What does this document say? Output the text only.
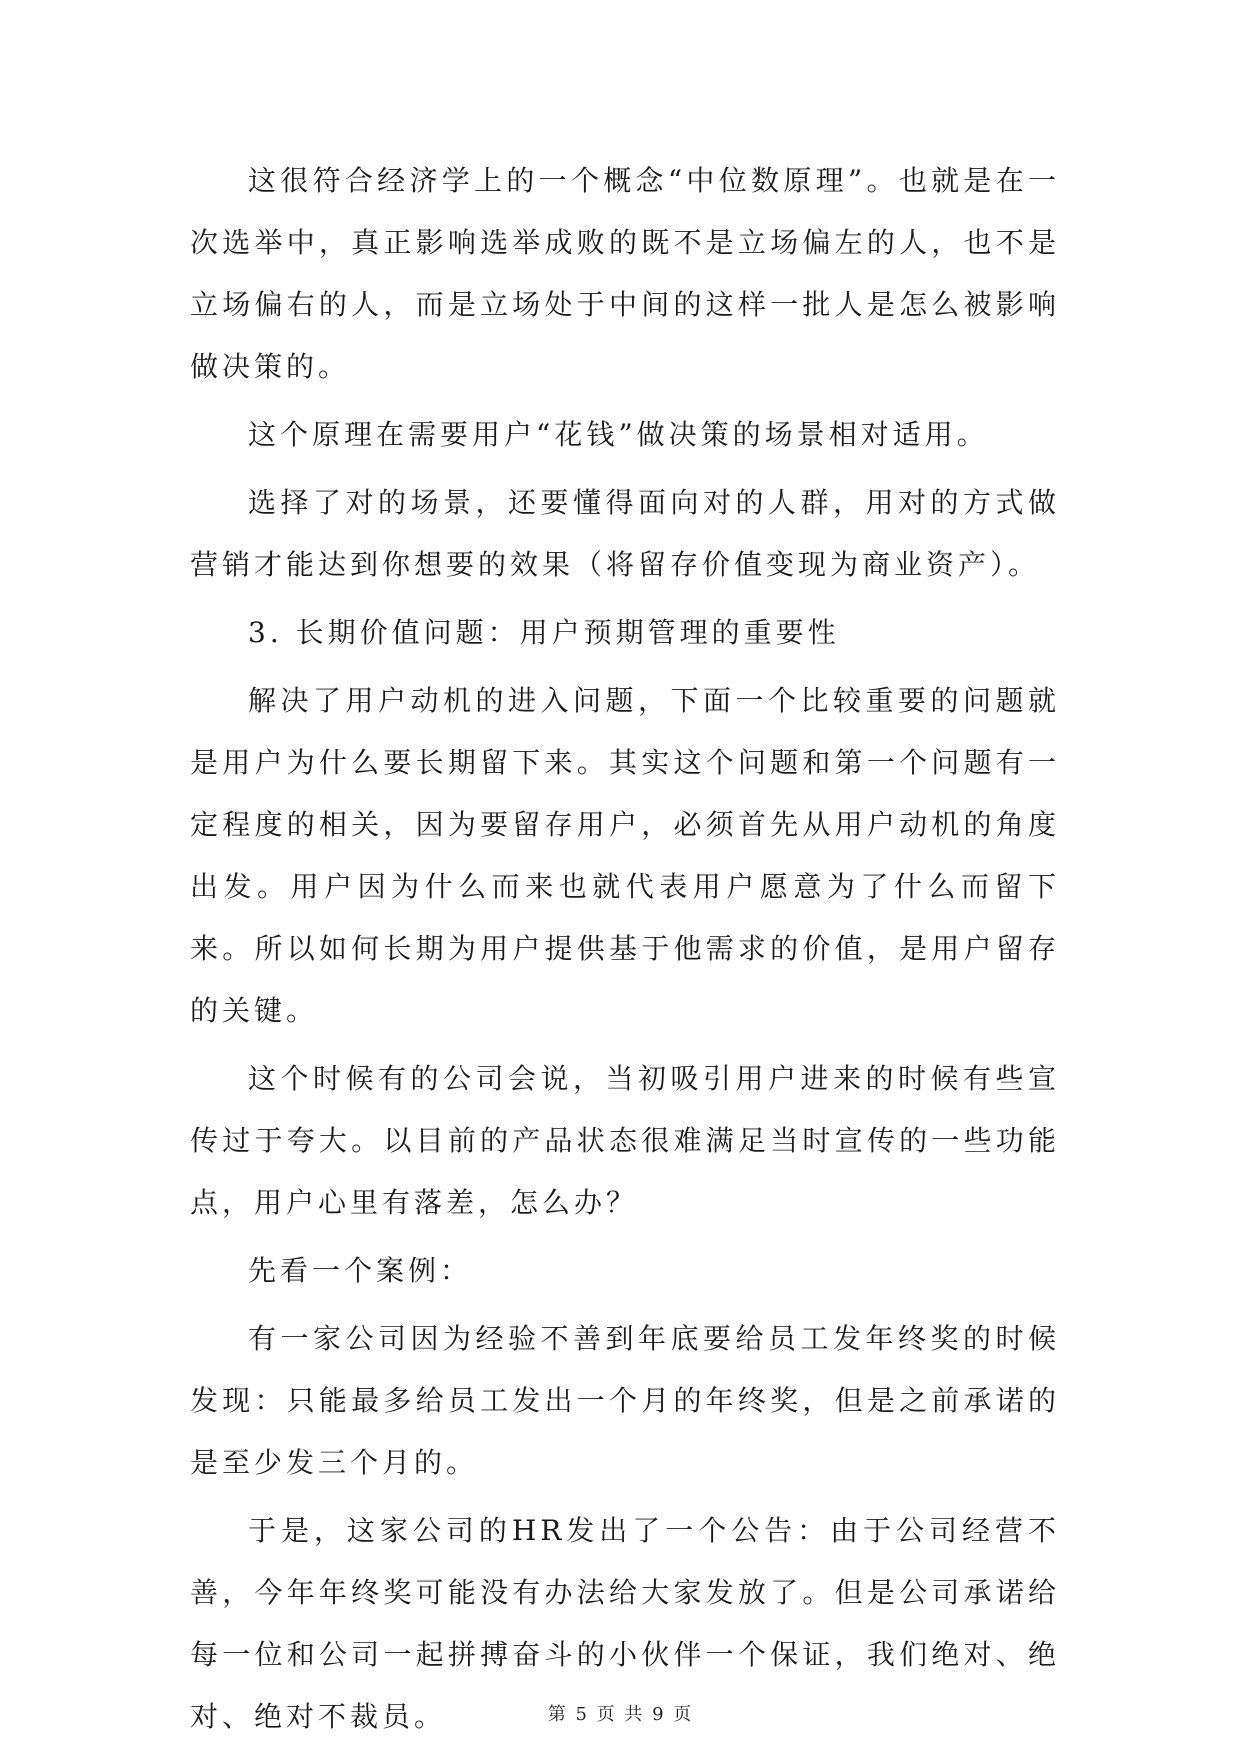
这很符合经济学上的一个概念“中位数原理”。也就是在一次选举中，真正影响选举成败的既不是立场偏左的人，也不是立场偏右的人，而是立场处于中间的这样一批人是怎么被影响做决策的。

这个原理在需要用户“花钱”做决策的场景相对适用。

选择了对的场景，还要懂得面向对的人群，用对的方式做营销才能达到你想要的效果（将留存价值变现为商业资产）。

3. 长期价值问题：用户预期管理的重要性

解决了用户动机的进入问题，下面一个比较重要的问题就是用户为什么要长期留下来。其实这个问题和第一个问题有一定程度的相关，因为要留存用户，必须首先从用户动机的角度出发。用户因为什么而来也就代表用户愿意为了什么而留下来。所以如何长期为用户提供基于他需求的价值，是用户留存的关键。

这个时候有的公司会说，当初吸引用户进来的时候有些宣传过于夸大。以目前的产品状态很难满足当时宣传的一些功能点，用户心里有落差，怎么办？

先看一个案例：

有一家公司因为经验不善到年底要给员工发年终奖的时候发现：只能最多给员工发出一个月的年终奖，但是之前承诺的是至少发三个月的。

于是，这家公司的HR发出了一个公告：由于公司经营不善，今年年终奖可能没有办法给大家发放了。但是公司承诺给每一位和公司一起拼搏奋斗的小伙伴一个保证，我们绝对、绝对、绝对不裁员。	第 5 页 共 9 页
